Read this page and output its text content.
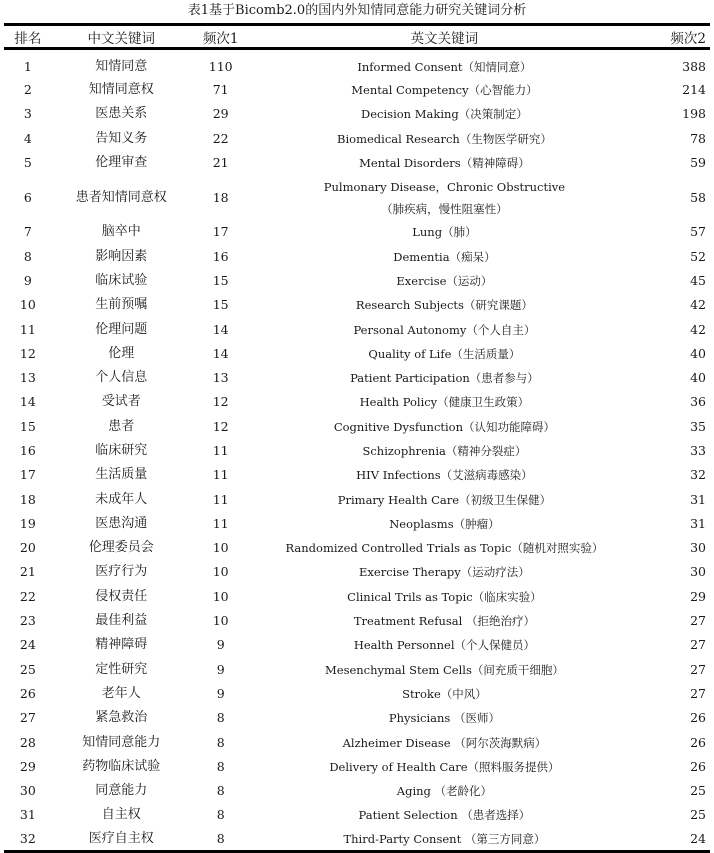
表1基于Bicomb2.0的国内外知情同意能力研究关键词分析
排名	中文关键词	频次1	英文关键词	频次2
1	知情同意	110	Informed Consent（知情同意）	388
2	知情同意权	71	Mental Competency（心智能力）	214
3	医患关系	29	Decision Making（决策制定）	198
4	告知义务	22	Biomedical Research（生物医学研究）	78
5	伦理审查	21	Mental Disorders（精神障碍）	59
6	患者知情同意权	18	Pulmonary Disease，Chronic Obstructive
（肺疾病，慢性阻塞性）	58
7	脑卒中	17	Lung（肺）	57
8	影响因素	16	Dementia（痴呆）	52
9	临床试验	15	Exercise（运动）	45
10	生前预嘱	15	Research Subjects（研究课题）	42
11	伦理问题	14	Personal Autonomy（个人自主）	42
12	伦理	14	Quality of Life（生活质量）	40
13	个人信息	13	Patient Participation（患者参与）	40
14	受试者	12	Health Policy（健康卫生政策）	36
15	患者	12	Cognitive Dysfunction（认知功能障碍）	35
16	临床研究	11	Schizophrenia（精神分裂症）	33
17	生活质量	11	HIV Infections（艾滋病毒感染）	32
18	未成年人	11	Primary Health Care（初级卫生保健）	31
19	医患沟通	11	Neoplasms（肿瘤）	31
20	伦理委员会	10	Randomized Controlled Trials as Topic（随机对照实验）	30
21	医疗行为	10	Exercise Therapy（运动疗法）	30
22	侵权责任	10	Clinical Trils as Topic（临床实验）	29
23	最佳利益	10	Treatment Refusal （拒绝治疗）	27
24	精神障碍	9	Health Personnel（个人保健员）	27
25	定性研究	9	Mesenchymal Stem Cells（间充质干细胞）	27
26	老年人	9	Stroke（中风）	27
27	紧急救治	8	Physicians （医师）	26
28	知情同意能力	8	Alzheimer Disease （阿尔茨海默病）	26
29	药物临床试验	8	Delivery of Health Care（照料服务提供）	26
30	同意能力	8	Aging （老龄化）	25
31	自主权	8	Patient Selection （患者选择）	25
32	医疗自主权	8	Third-Party Consent （第三方同意）	24
